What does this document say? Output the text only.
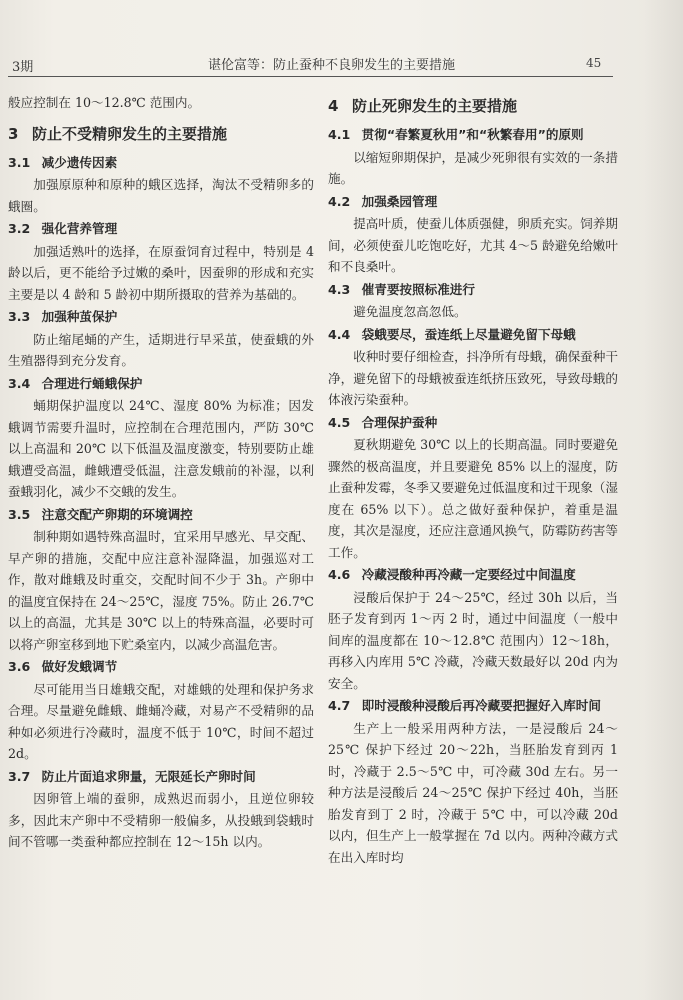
3期	谌伦富等：防止蚕种不良卵发生的主要措施	45

般应控制在 10～12.8℃ 范围内。

3 防止不受精卵发生的主要措施
3.1 减少遗传因素

加强原原种和原种的蛾区选择，淘汰不受精卵多的蛾圈。

3.2 强化营养管理

加强适熟叶的选择，在原蚕饲育过程中，特别是 4 龄以后，更不能给予过嫩的桑叶，因蚕卵的形成和充实主要是以 4 龄和 5 龄初中期所摄取的营养为基础的。

3.3 加强种茧保护

防止缩尾蛹的产生，适期进行早采茧，使蚕蛾的外生殖器得到充分发育。

3.4 合理进行蛹蛾保护

蛹期保护温度以 24℃、湿度 80% 为标准；因发蛾调节需要升温时，应控制在合理范围内，严防 30℃ 以上高温和 20℃ 以下低温及温度激变，特别要防止雄蛾遭受高温，雌蛾遭受低温，注意发蛾前的补湿，以利蚕蛾羽化，减少不交蛾的发生。

3.5 注意交配产卵期的环境调控

制种期如遇特殊高温时，宜采用早感光、早交配、早产卵的措施，交配中应注意补湿降温，加强巡对工作，散对雌蛾及时重交，交配时间不少于 3h。产卵中的温度宜保持在 24～25℃，湿度 75%。防止 26.7℃ 以上的高温，尤其是 30℃ 以上的特殊高温，必要时可以将产卵室移到地下贮桑室内，以减少高温危害。

3.6 做好发蛾调节

尽可能用当日雄蛾交配，对雄蛾的处理和保护务求合理。尽量避免雌蛾、雌蛹冷藏，对易产不受精卵的品种如必须进行冷藏时，温度不低于 10℃，时间不超过 2d。

3.7 防止片面追求卵量，无限延长产卵时间

因卵管上端的蚕卵，成熟迟而弱小，且逆位卵较多，因此末产卵中不受精卵一般偏多，从投蛾到袋蛾时间不管哪一类蚕种都应控制在 12～15h 以内。

4 防止死卵发生的主要措施
4.1 贯彻“春繁夏秋用”和“秋繁春用”的原则

以缩短卵期保护，是减少死卵很有实效的一条措施。

4.2 加强桑园管理

提高叶质，使蚕儿体质强健，卵质充实。饲养期间，必须使蚕儿吃饱吃好，尤其 4～5 龄避免给嫩叶和不良桑叶。

4.3 催青要按照标准进行

避免温度忽高忽低。

4.4 袋蛾要尽，蚕连纸上尽量避免留下母蛾

收种时要仔细检查，抖净所有母蛾，确保蚕种干净，避免留下的母蛾被蚕连纸挤压致死，导致母蛾的体液污染蚕种。

4.5 合理保护蚕种

夏秋期避免 30℃ 以上的长期高温。同时要避免骤然的极高温度，并且要避免 85% 以上的湿度，防止蚕种发霉，冬季又要避免过低温度和过干现象（湿度在 65% 以下）。总之做好蚕种保护，着重是温度，其次是湿度，还应注意通风换气，防霉防药害等工作。

4.6 冷藏浸酸种再冷藏一定要经过中间温度

浸酸后保护于 24～25℃，经过 30h 以后，当胚子发育到丙 1～丙 2 时，通过中间温度（一般中间库的温度都在 10～12.8℃ 范围内）12～18h，再移入内库用 5℃ 冷藏，冷藏天数最好以 20d 内为安全。

4.7 即时浸酸种浸酸后再冷藏要把握好入库时间

生产上一般采用两种方法，一是浸酸后 24～25℃ 保护下经过 20～22h，当胚胎发育到丙 1 时，冷藏于 2.5～5℃ 中，可冷藏 30d 左右。另一种方法是浸酸后 24～25℃ 保护下经过 40h，当胚胎发育到丁 2 时，冷藏于 5℃ 中，可以冷藏 20d 以内，但生产上一般掌握在 7d 以内。两种冷藏方式在出入库时均
